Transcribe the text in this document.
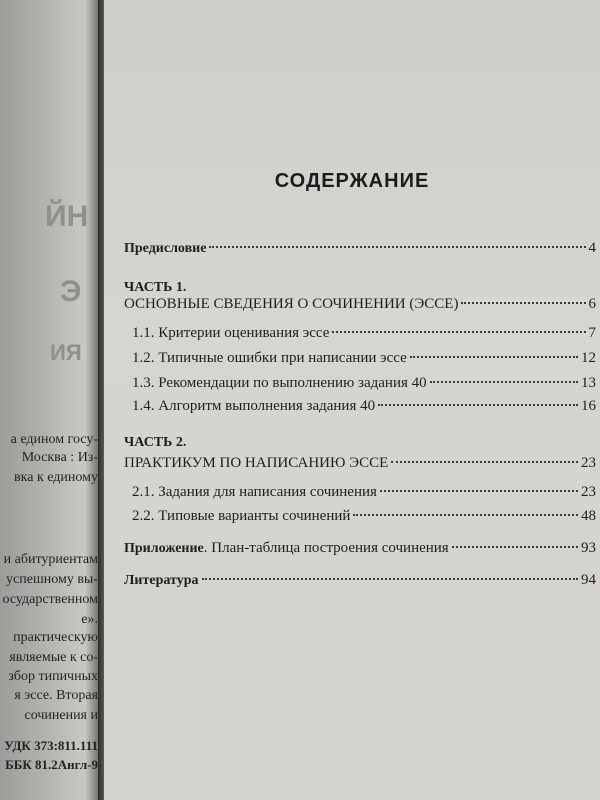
ЙН
Э
ИЯ
а едином госу-
Москва : Из-
вка к единому
и абитуриентам
успешному вы-
осударственном
е».
практическую
являемые к со-
збор типичных
я эссе. Вторая
сочинения и
УДК 373:811.111
ББК 81.2Англ-9
СОДЕРЖАНИЕ
Предисловие	4
ЧАСТЬ 1.
ОСНОВНЫЕ СВЕДЕНИЯ О СОЧИНЕНИИ (ЭССЕ)	6
1.1. Критерии оценивания эссе	7
1.2. Типичные ошибки при написании эссе	12
1.3. Рекомендации по выполнению задания 40	13
1.4. Алгоритм выполнения задания 40	16
ЧАСТЬ 2.
ПРАКТИКУМ ПО НАПИСАНИЮ ЭССЕ	23
2.1. Задания для написания сочинения	23
2.2. Типовые варианты сочинений	48
Приложение. План-таблица построения сочинения	93
Литература	94
